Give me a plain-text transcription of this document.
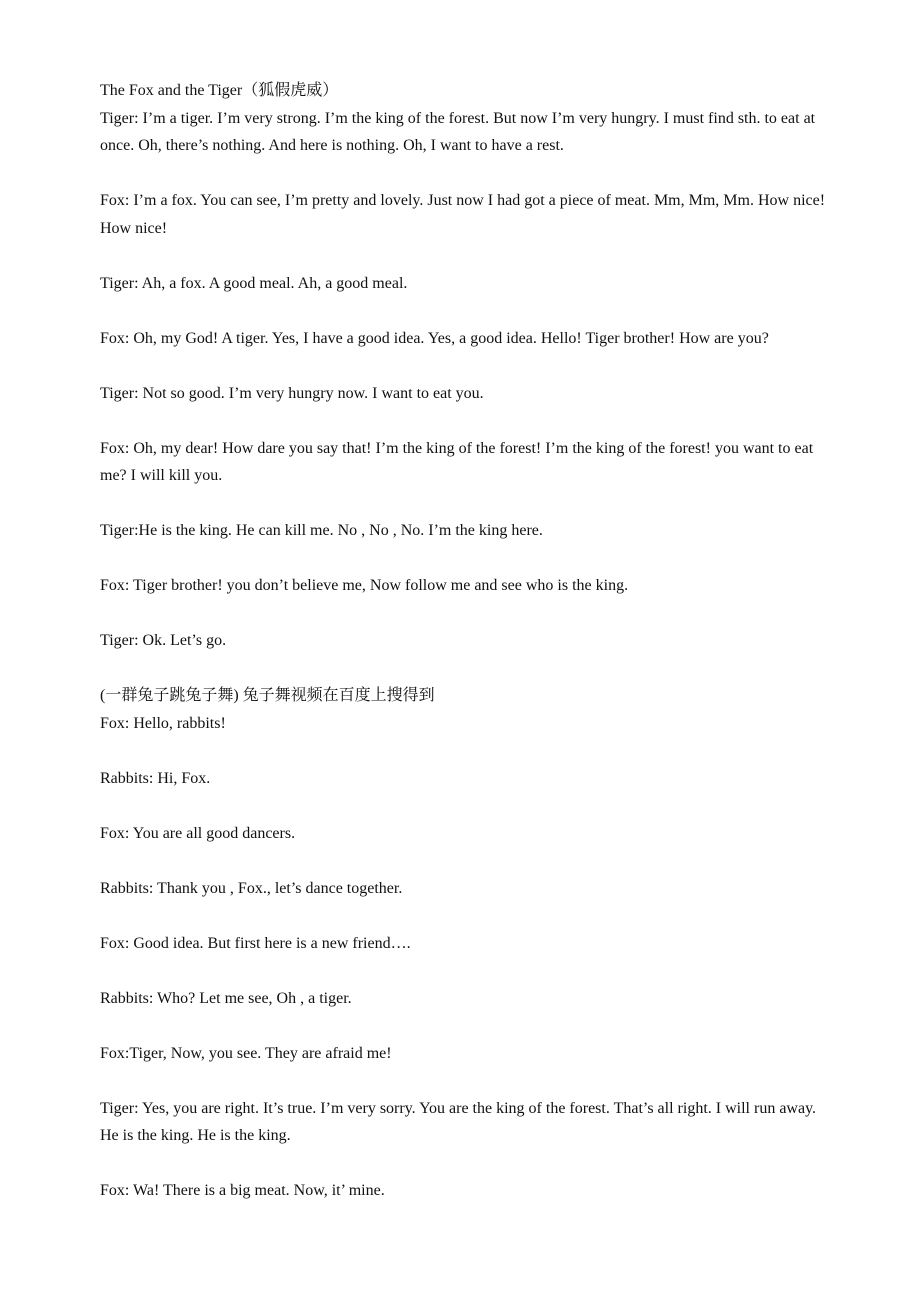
The Fox and the Tiger（狐假虎威）

Tiger: I’m a tiger. I’m very strong. I’m the king of the forest. But now I’m very hungry. I must find sth. to eat at once. Oh, there’s nothing. And here is nothing. Oh, I want to have a rest.

Fox: I’m a fox. You can see, I’m pretty and lovely. Just now I had got a piece of meat. Mm, Mm, Mm. How nice! How nice!

Tiger: Ah, a fox. A good meal. Ah, a good meal.

Fox: Oh, my God! A tiger. Yes, I have a good idea. Yes, a good idea. Hello! Tiger brother! How are you?

Tiger: Not so good. I’m very hungry now. I want to eat you.

Fox: Oh, my dear! How dare you say that! I’m the king of the forest! I’m the king of the forest! you want to eat me? I will kill you.

Tiger:He is the king. He can kill me. No , No , No. I’m the king here.

Fox: Tiger brother! you don’t believe me, Now follow me and see who is the king.

Tiger: Ok. Let’s go.

(一群兔子跳兔子舞) 兔子舞视频在百度上搜得到

Fox: Hello, rabbits!

Rabbits: Hi, Fox.

Fox: You are all good dancers.

Rabbits: Thank you , Fox., let’s dance together.

Fox: Good idea. But first here is a new friend….

Rabbits: Who? Let me see, Oh , a tiger.

Fox:Tiger, Now, you see. They are afraid me!

Tiger: Yes, you are right. It’s true. I’m very sorry. You are the king of the forest. That’s all right. I will run away. He is the king. He is the king.

Fox: Wa! There is a big meat. Now, it’ mine.
